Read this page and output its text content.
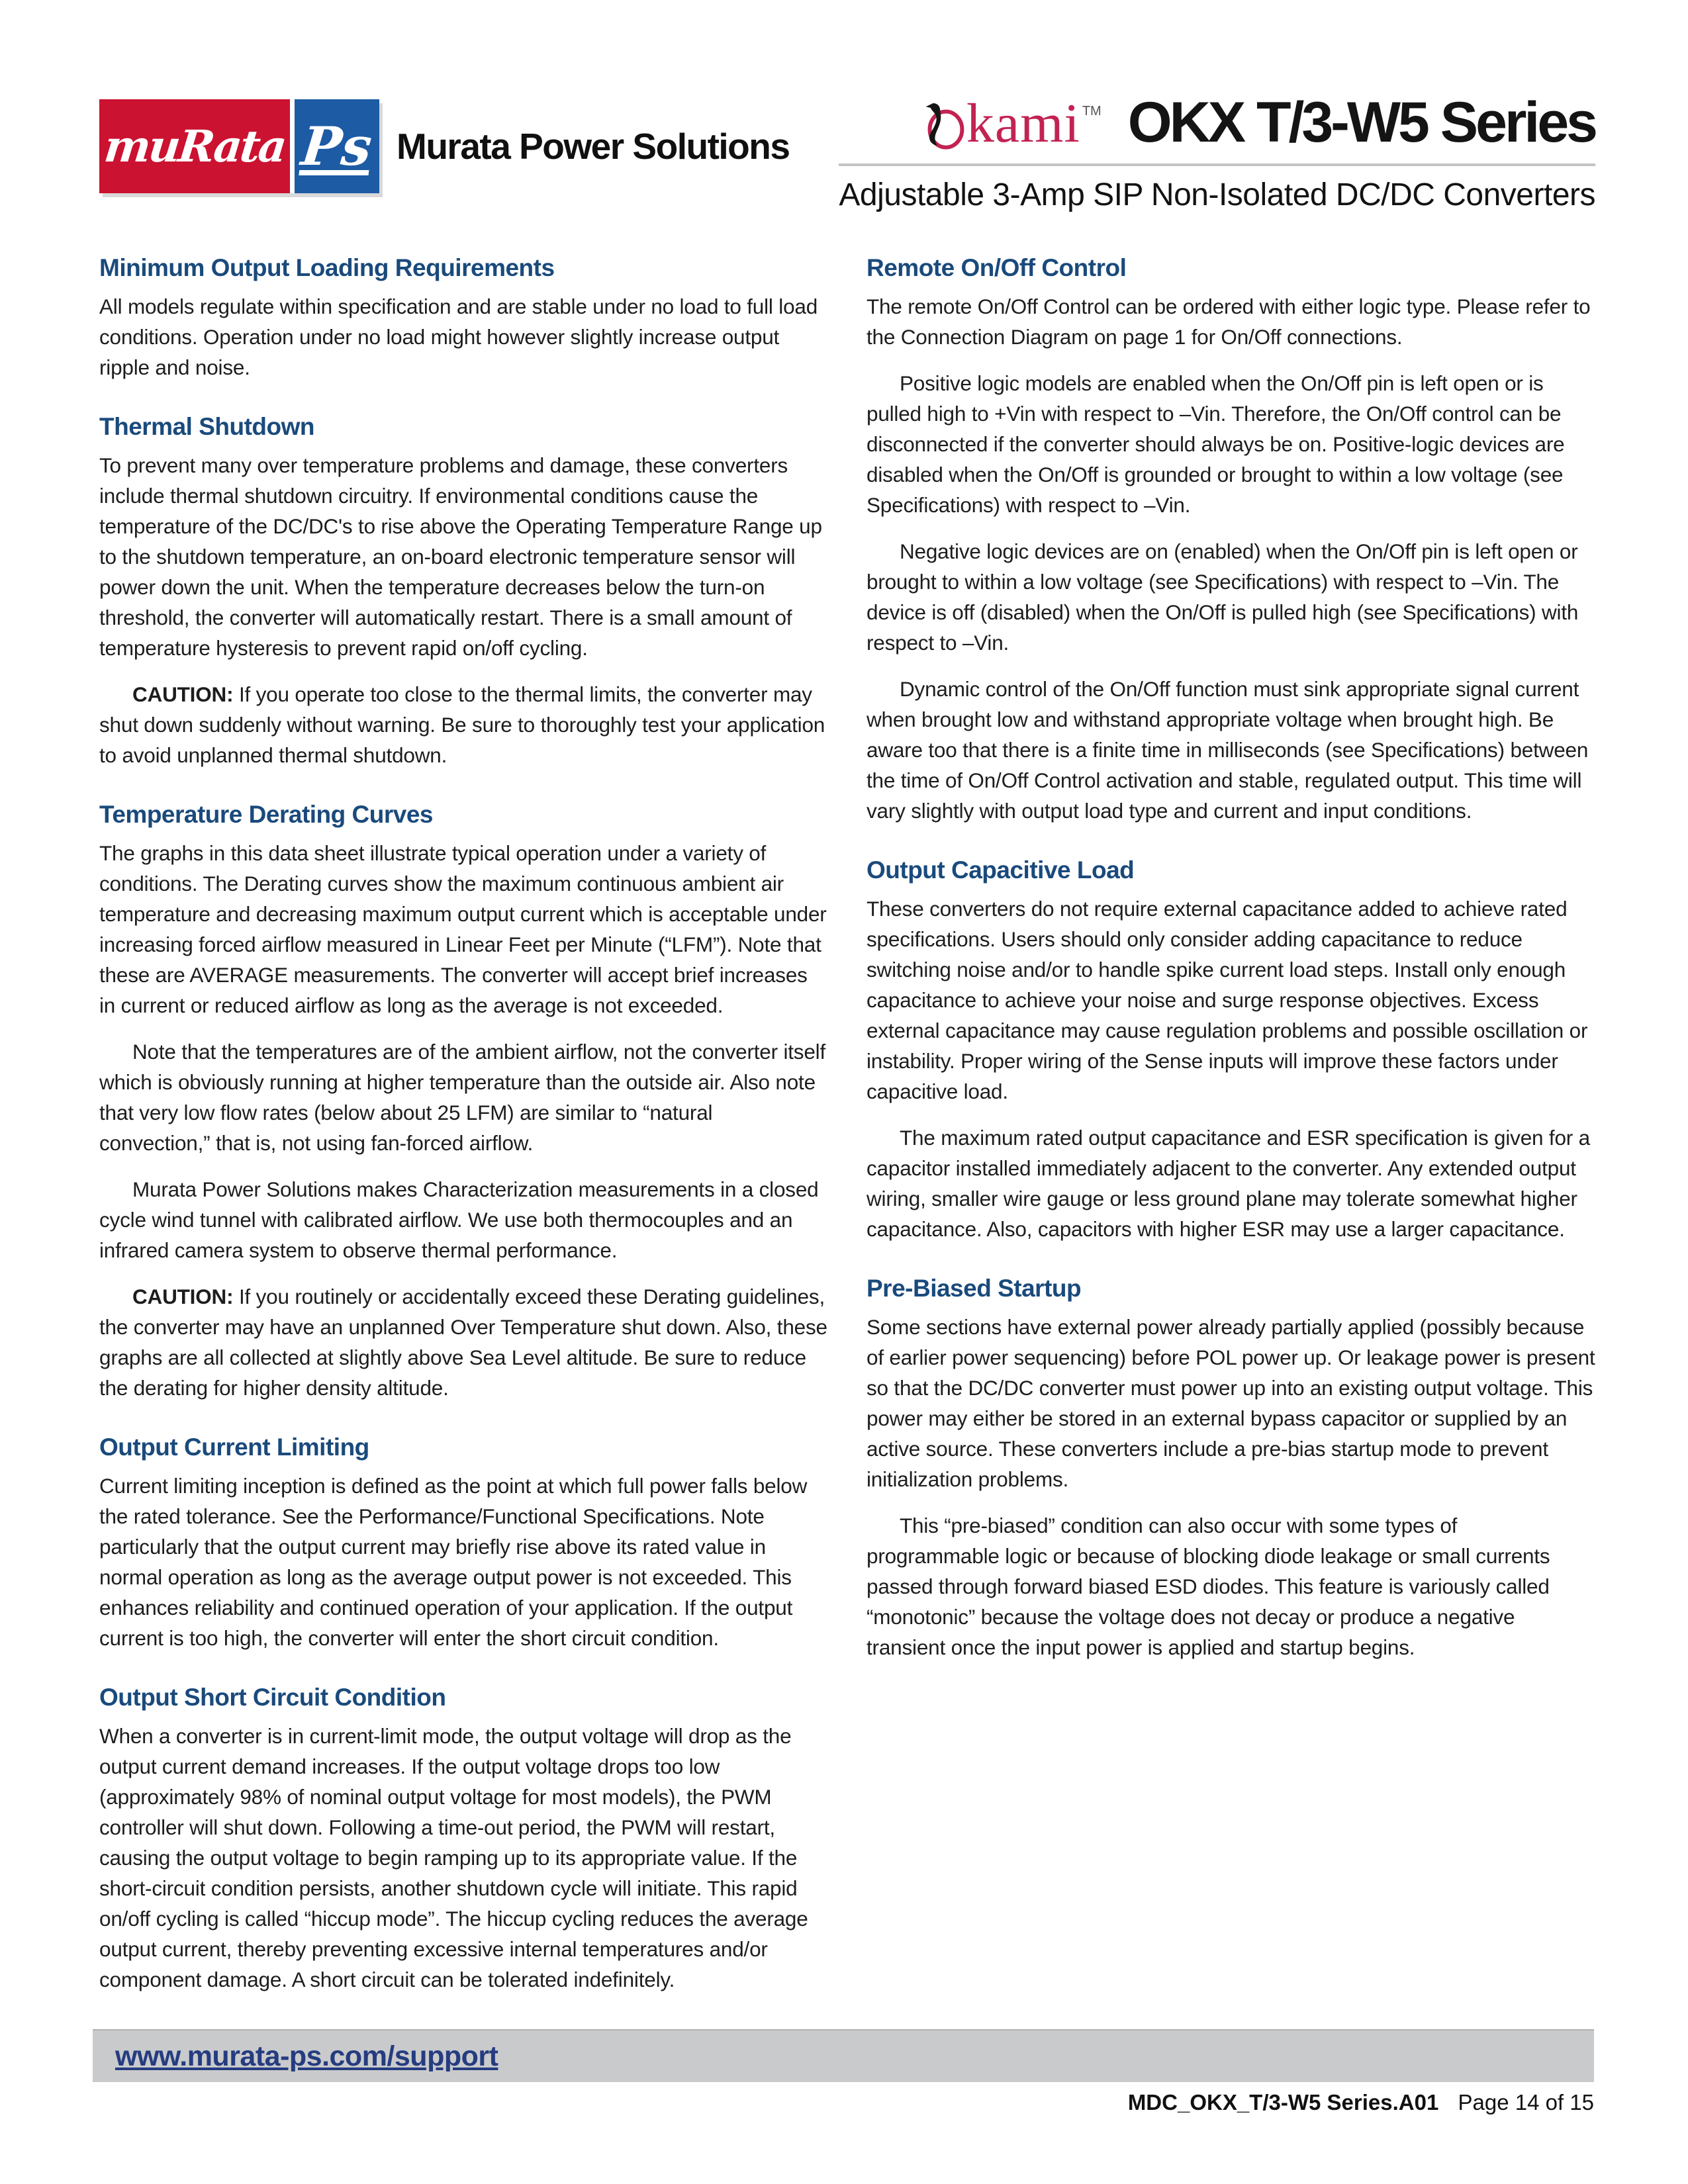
muRata Ps Murata Power Solutions	kami TM OKX T/3-W5 Series
Adjustable 3-Amp SIP Non-Isolated DC/DC Converters
Minimum Output Loading Requirements

All models regulate within specification and are stable under no load to full load conditions. Operation under no load might however slightly increase output ripple and noise.

Thermal Shutdown

To prevent many over temperature problems and damage, these converters include thermal shutdown circuitry. If environmental conditions cause the temperature of the DC/DC's to rise above the Operating Temperature Range up to the shutdown temperature, an on-board electronic temperature sensor will power down the unit. When the temperature decreases below the turn-on threshold, the converter will automatically restart. There is a small amount of temperature hysteresis to prevent rapid on/off cycling.

CAUTION: If you operate too close to the thermal limits, the converter may shut down suddenly without warning. Be sure to thoroughly test your application to avoid unplanned thermal shutdown.

Temperature Derating Curves

The graphs in this data sheet illustrate typical operation under a variety of conditions. The Derating curves show the maximum continuous ambient air temperature and decreasing maximum output current which is acceptable under increasing forced airflow measured in Linear Feet per Minute (“LFM”). Note that these are AVERAGE measurements. The converter will accept brief increases in current or reduced airflow as long as the average is not exceeded.

Note that the temperatures are of the ambient airflow, not the converter itself which is obviously running at higher temperature than the outside air. Also note that very low flow rates (below about 25 LFM) are similar to “natural convection,” that is, not using fan-forced airflow.

Murata Power Solutions makes Characterization measurements in a closed cycle wind tunnel with calibrated airflow. We use both thermocouples and an infrared camera system to observe thermal performance.

CAUTION: If you routinely or accidentally exceed these Derating guidelines, the converter may have an unplanned Over Temperature shut down. Also, these graphs are all collected at slightly above Sea Level altitude. Be sure to reduce the derating for higher density altitude.

Output Current Limiting

Current limiting inception is defined as the point at which full power falls below the rated tolerance. See the Performance/Functional Specifications. Note particularly that the output current may briefly rise above its rated value in normal operation as long as the average output power is not exceeded. This enhances reliability and continued operation of your application. If the output current is too high, the converter will enter the short circuit condition.

Output Short Circuit Condition

When a converter is in current-limit mode, the output voltage will drop as the output current demand increases. If the output voltage drops too low (approximately 98% of nominal output voltage for most models), the PWM controller will shut down. Following a time-out period, the PWM will restart, causing the output voltage to begin ramping up to its appropriate value. If the short-circuit condition persists, another shutdown cycle will initiate. This rapid on/off cycling is called “hiccup mode”. The hiccup cycling reduces the average output current, thereby preventing excessive internal temperatures and/or component damage. A short circuit can be tolerated indefinitely.

Remote On/Off Control

The remote On/Off Control can be ordered with either logic type. Please refer to the Connection Diagram on page 1 for On/Off connections.

Positive logic models are enabled when the On/Off pin is left open or is pulled high to +Vin with respect to –Vin. Therefore, the On/Off control can be disconnected if the converter should always be on. Positive-logic devices are disabled when the On/Off is grounded or brought to within a low voltage (see Specifications) with respect to –Vin.

Negative logic devices are on (enabled) when the On/Off pin is left open or brought to within a low voltage (see Specifications) with respect to –Vin. The device is off (disabled) when the On/Off is pulled high (see Specifications) with respect to –Vin.

Dynamic control of the On/Off function must sink appropriate signal current when brought low and withstand appropriate voltage when brought high. Be aware too that there is a finite time in milliseconds (see Specifications) between the time of On/Off Control activation and stable, regulated output. This time will vary slightly with output load type and current and input conditions.

Output Capacitive Load

These converters do not require external capacitance added to achieve rated specifications. Users should only consider adding capacitance to reduce switching noise and/or to handle spike current load steps. Install only enough capacitance to achieve your noise and surge response objectives. Excess external capacitance may cause regulation problems and possible oscillation or instability. Proper wiring of the Sense inputs will improve these factors under capacitive load.

The maximum rated output capacitance and ESR specification is given for a capacitor installed immediately adjacent to the converter. Any extended output wiring, smaller wire gauge or less ground plane may tolerate somewhat higher capacitance. Also, capacitors with higher ESR may use a larger capacitance.

Pre-Biased Startup

Some sections have external power already partially applied (possibly because of earlier power sequencing) before POL power up. Or leakage power is present so that the DC/DC converter must power up into an existing output voltage. This power may either be stored in an external bypass capacitor or supplied by an active source. These converters include a pre-bias startup mode to prevent initialization problems.

This “pre-biased” condition can also occur with some types of programmable logic or because of blocking diode leakage or small currents passed through forward biased ESD diodes. This feature is variously called “monotonic” because the voltage does not decay or produce a negative transient once the input power is applied and startup begins.

www.murata-ps.com/support
MDC_OKX_T/3-W5 Series.A01 Page 14 of 15
